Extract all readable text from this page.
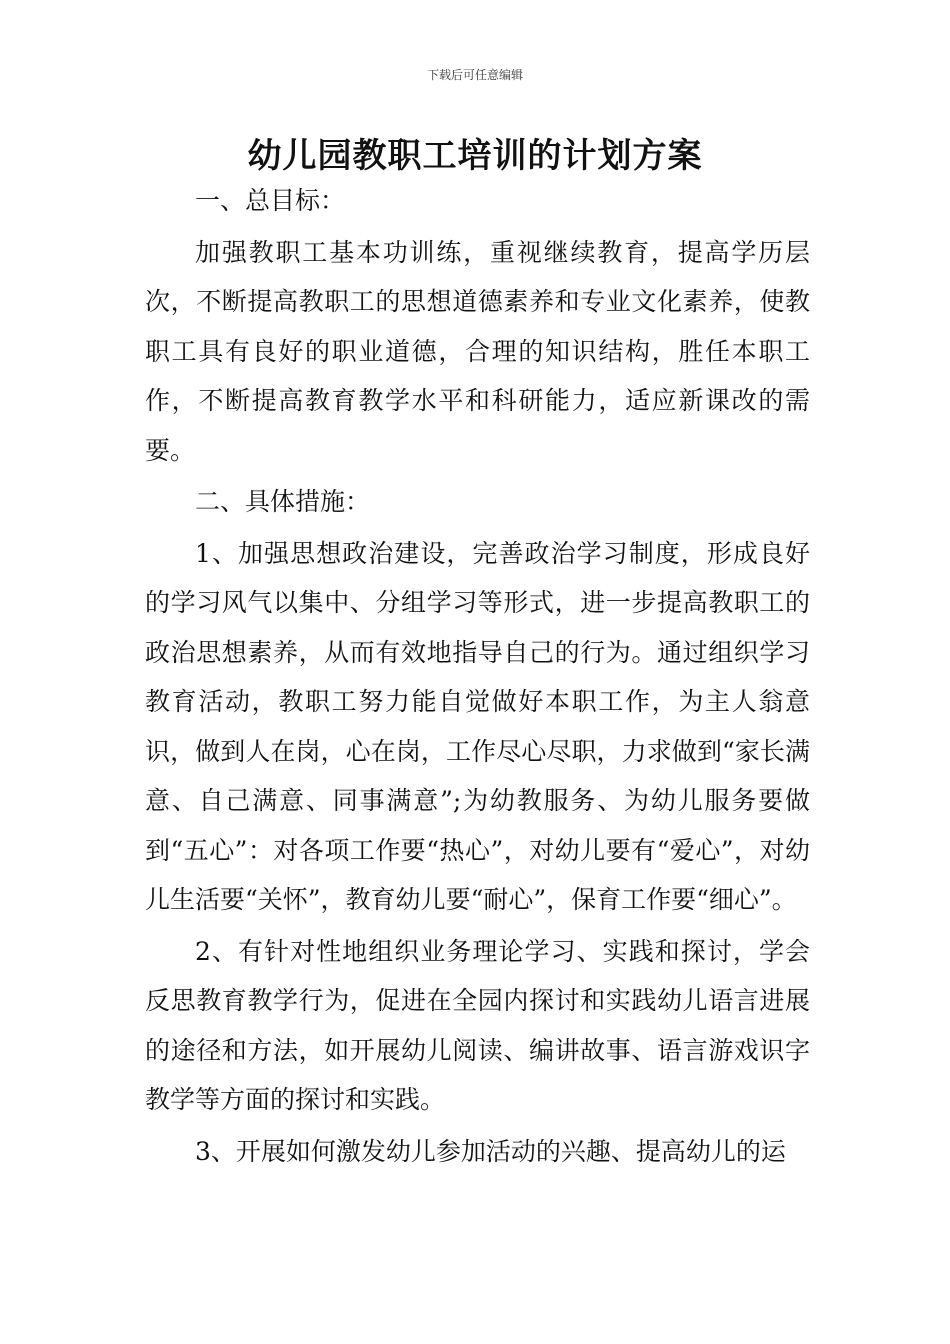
下载后可任意编辑
幼儿园教职工培训的计划方案

一、总目标：

加强教职工基本功训练，重视继续教育，提高学历层次，不断提高教职工的思想道德素养和专业文化素养，使教职工具有良好的职业道德，合理的知识结构，胜任本职工作，不断提高教育教学水平和科研能力，适应新课改的需要。

二、具体措施：

1、加强思想政治建设，完善政治学习制度，形成良好的学习风气以集中、分组学习等形式，进一步提高教职工的政治思想素养，从而有效地指导自己的行为。通过组织学习教育活动，教职工努力能自觉做好本职工作，为主人翁意识，做到人在岗，心在岗，工作尽心尽职，力求做到“家长满意、自己满意、同事满意”;为幼教服务、为幼儿服务要做到“五心”：对各项工作要“热心”，对幼儿要有“爱心”，对幼儿生活要“关怀”，教育幼儿要“耐心”，保育工作要“细心”。

2、有针对性地组织业务理论学习、实践和探讨，学会反思教育教学行为，促进在全园内探讨和实践幼儿语言进展的途径和方法，如开展幼儿阅读、编讲故事、语言游戏识字教学等方面的探讨和实践。

3、开展如何激发幼儿参加活动的兴趣、提高幼儿的运
